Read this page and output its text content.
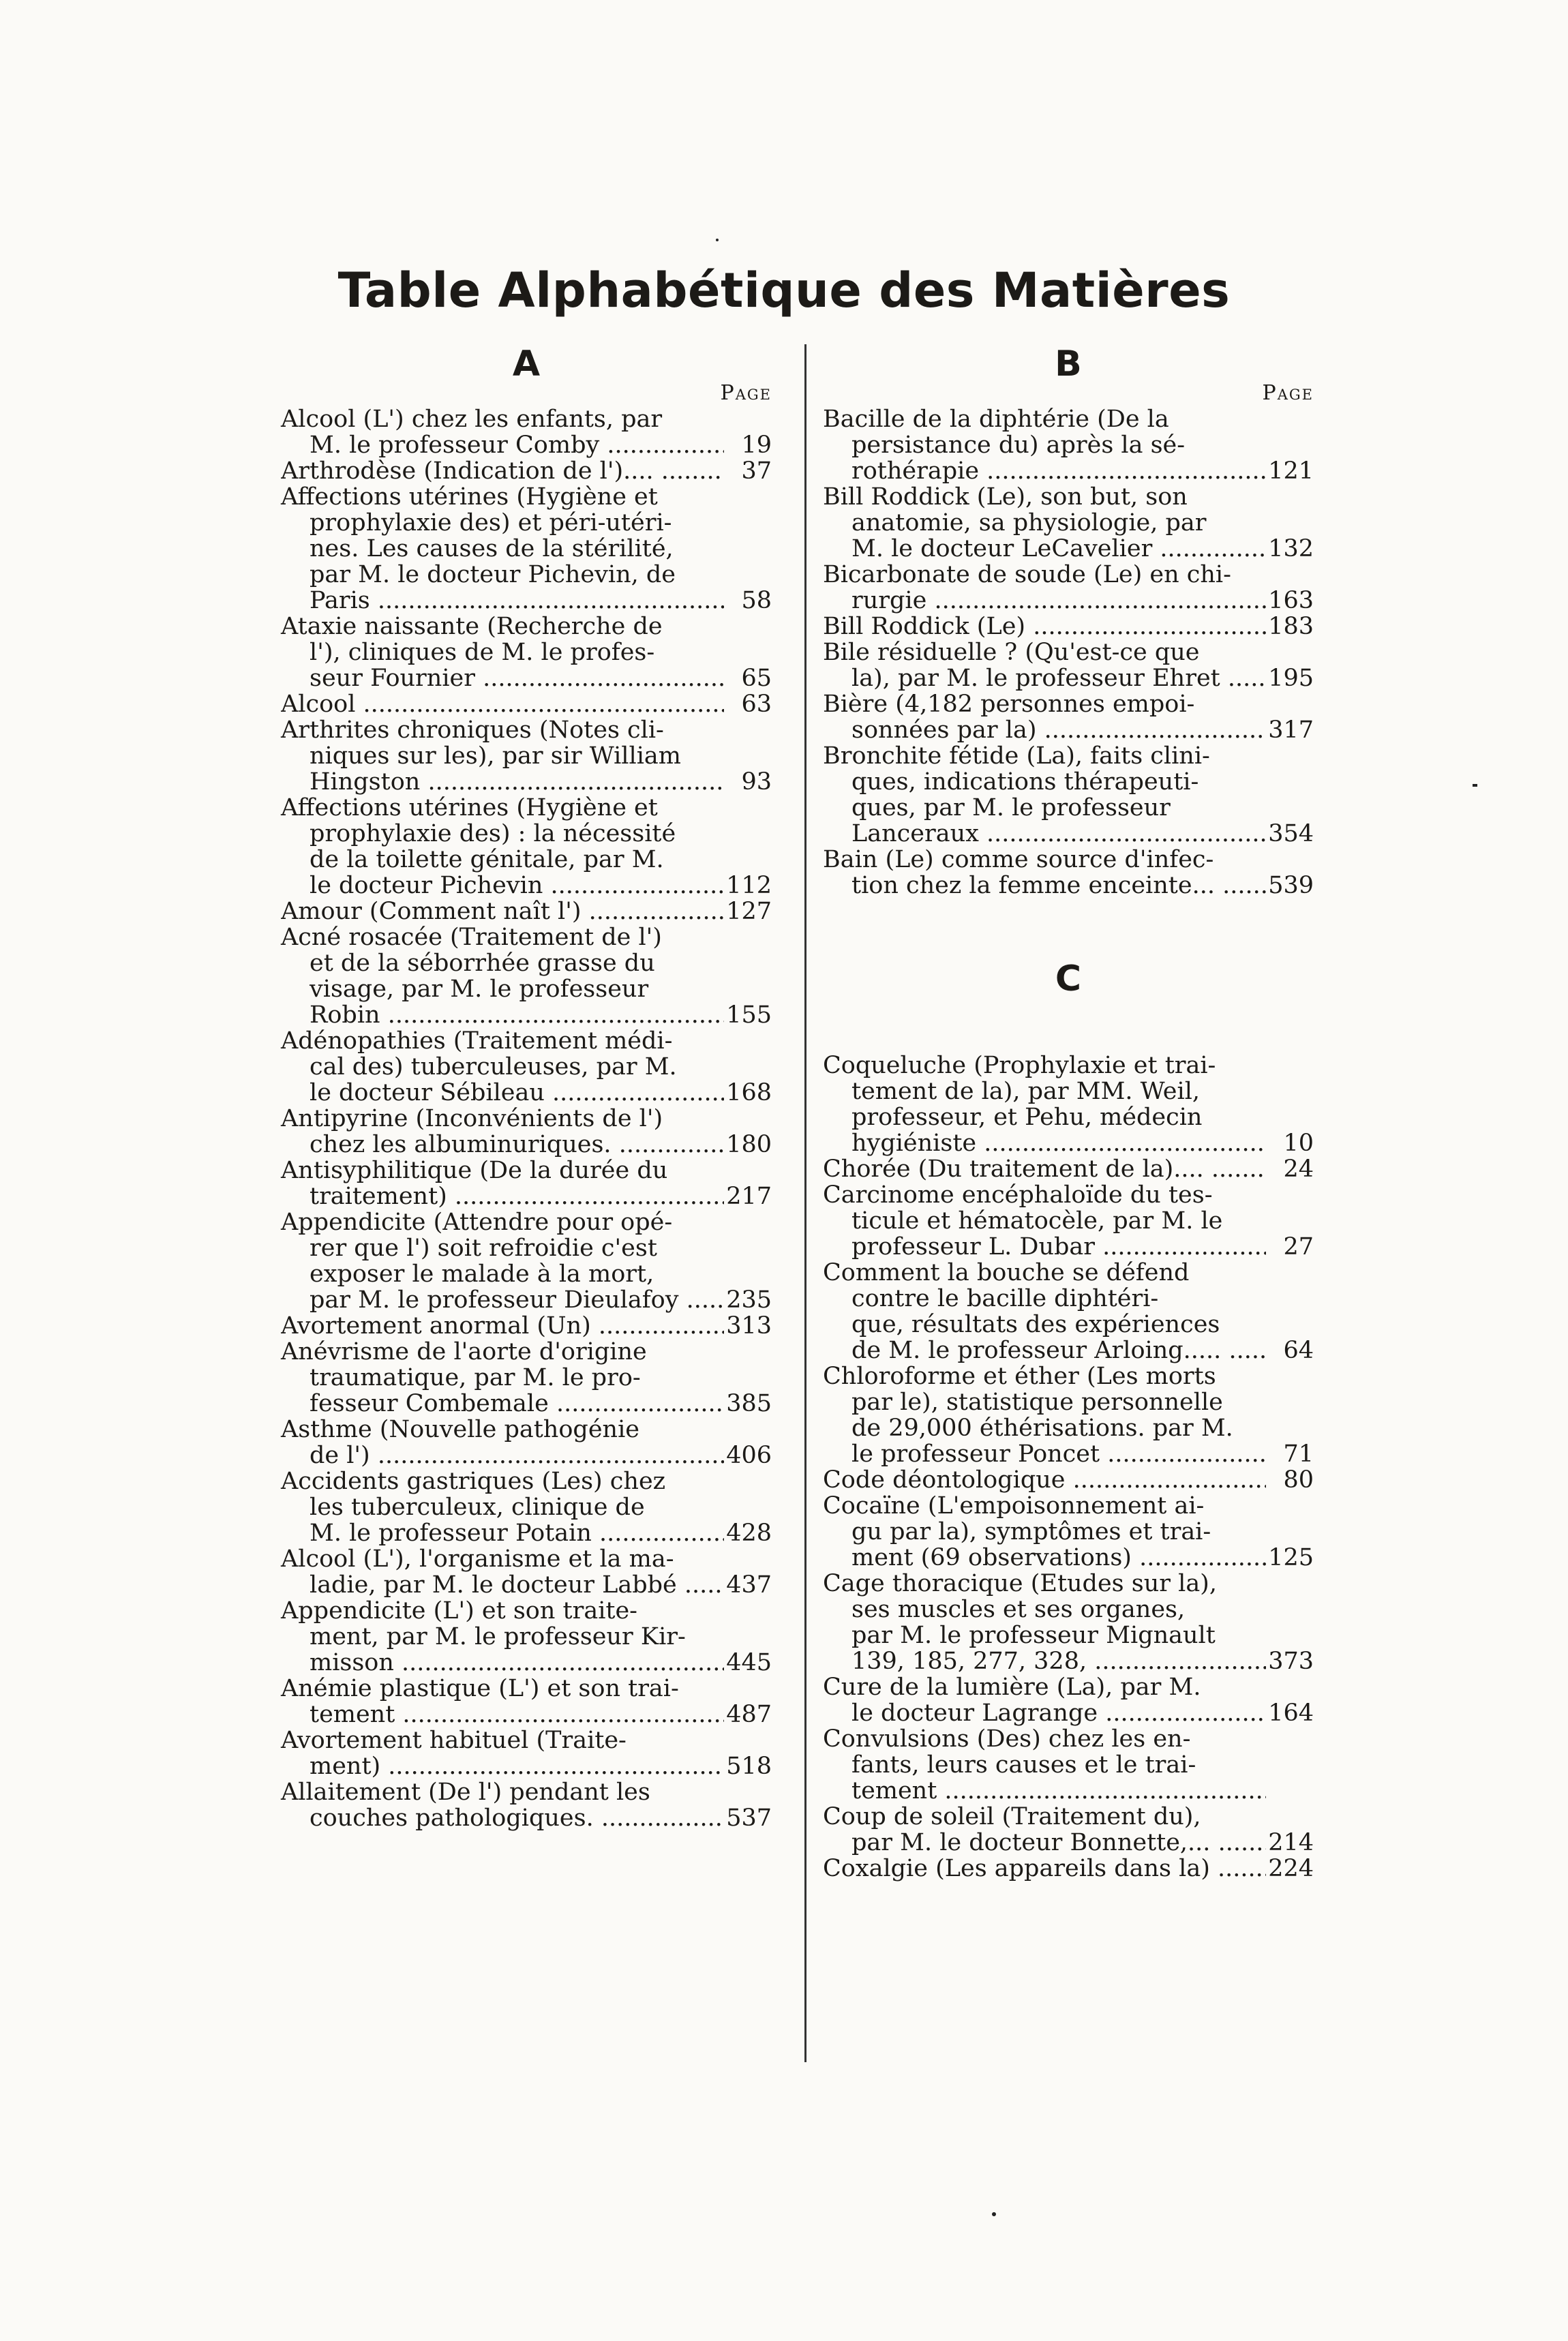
Table Alphabétique des Matières
A
Page
Alcool (L') chez les enfants, par
M. le professeur Comby .....	19
Arthrodèse (Indication de l').... .....	37
Affections utérines (Hygiène et
prophylaxie des) et péri-utéri-
nes. Les causes de la stérilité,
par M. le docteur Pichevin, de
Paris .....	58
Ataxie naissante (Recherche de
l'), cliniques de M. le profes-
seur Fournier .....	65
Alcool .....	63
Arthrites chroniques (Notes cli-
niques sur les), par sir William
Hingston .....	93
Affections utérines (Hygiène et
prophylaxie des) : la nécessité
de la toilette génitale, par M.
le docteur Pichevin .....	112
Amour (Comment naît l') .....	127
Acné rosacée (Traitement de l')
et de la séborrhée grasse du
visage, par M. le professeur
Robin .....	155
Adénopathies (Traitement médi-
cal des) tuberculeuses, par M.
le docteur Sébileau .....	168
Antipyrine (Inconvénients de l')
chez les albuminuriques. .....	180
Antisyphilitique (De la durée du
traitement) .....	217
Appendicite (Attendre pour opé-
rer que l') soit refroidie c'est
exposer le malade à la mort,
par M. le professeur Dieulafoy .....	235
Avortement anormal (Un) .....	313
Anévrisme de l'aorte d'origine
traumatique, par M. le pro-
fesseur Combemale .....	385
Asthme (Nouvelle pathogénie
de l') .....	406
Accidents gastriques (Les) chez
les tuberculeux, clinique de
M. le professeur Potain .....	428
Alcool (L'), l'organisme et la ma-
ladie, par M. le docteur Labbé .....	437
Appendicite (L') et son traite-
ment, par M. le professeur Kir-
misson .....	445
Anémie plastique (L') et son trai-
tement .....	487
Avortement habituel (Traite-
ment) .....	518
Allaitement (De l') pendant les
couches pathologiques. .....	537
B
Page
Bacille de la diphtérie (De la
persistance du) après la sé-
rothérapie .....	121
Bill Roddick (Le), son but, son
anatomie, sa physiologie, par
M. le docteur LeCavelier .....	132
Bicarbonate de soude (Le) en chi-
rurgie .....	163
Bill Roddick (Le) .....	183
Bile résiduelle ? (Qu'est-ce que
la), par M. le professeur Ehret .....	195
Bière (4,182 personnes empoi-
sonnées par la) .....	317
Bronchite fétide (La), faits clini-
ques, indications thérapeuti-
ques, par M. le professeur
Lanceraux .....	354
Bain (Le) comme source d'infec-
tion chez la femme enceinte... .....	539
C
Coqueluche (Prophylaxie et trai-
tement de la), par MM. Weil,
professeur, et Pehu, médecin
hygiéniste .....	10
Chorée (Du traitement de la).... .....	24
Carcinome encéphaloïde du tes-
ticule et hématocèle, par M. le
professeur L. Dubar .....	27
Comment la bouche se défend
contre le bacille diphtéri-
que, résultats des expériences
de M. le professeur Arloing..... .....	64
Chloroforme et éther (Les morts
par le), statistique personnelle
de 29,000 éthérisations. par M.
le professeur Poncet .....	71
Code déontologique .....	80
Cocaïne (L'empoisonnement ai-
gu par la), symptômes et trai-
ment (69 observations) .....	125
Cage thoracique (Etudes sur la),
ses muscles et ses organes,
par M. le professeur Mignault
139, 185, 277, 328, .....	373
Cure de la lumière (La), par M.
le docteur Lagrange .....	164
Convulsions (Des) chez les en-
fants, leurs causes et le trai-
tement .....
Coup de soleil (Traitement du),
par M. le docteur Bonnette,... .....	214
Coxalgie (Les appareils dans la) .....	224
